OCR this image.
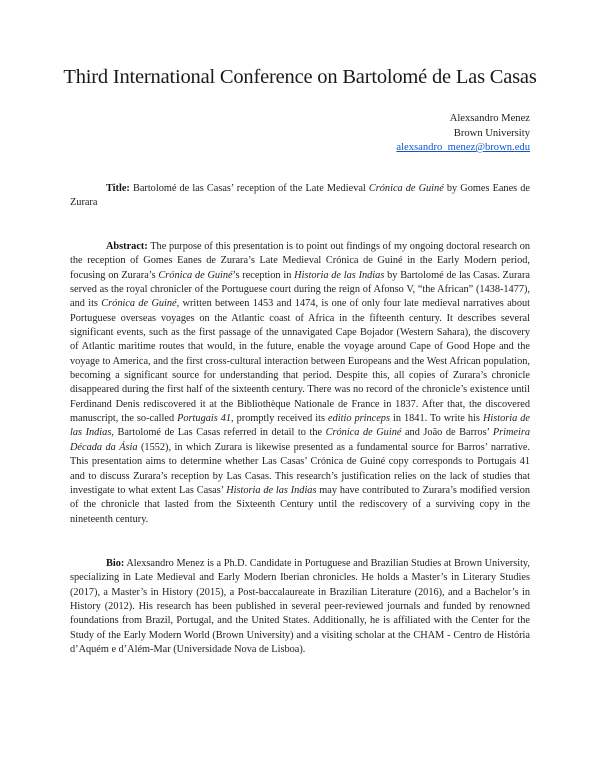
Third International Conference on Bartolomé de Las Casas
Alexsandro Menez
Brown University
alexsandro_menez@brown.edu

Title: Bartolomé de las Casas’ reception of the Late Medieval Crónica de Guiné by Gomes Eanes de Zurara

Abstract: The purpose of this presentation is to point out findings of my ongoing doctoral research on the reception of Gomes Eanes de Zurara’s Late Medieval Crónica de Guiné in the Early Modern period, focusing on Zurara’s Crónica de Guiné’s reception in Historia de las Indias by Bartolomé de las Casas. Zurara served as the royal chronicler of the Portuguese court during the reign of Afonso V, “the African” (1438-1477), and its Crónica de Guiné, written between 1453 and 1474, is one of only four late medieval narratives about Portuguese overseas voyages on the Atlantic coast of Africa in the fifteenth century. It describes several significant events, such as the first passage of the unnavigated Cape Bojador (Western Sahara), the discovery of Atlantic maritime routes that would, in the future, enable the voyage around Cape of Good Hope and the voyage to America, and the first cross-cultural interaction between Europeans and the West African population, becoming a significant source for understanding that period. Despite this, all copies of Zurara’s chronicle disappeared during the first half of the sixteenth century. There was no record of the chronicle’s existence until Ferdinand Denis rediscovered it at the Bibliothèque Nationale de France in 1837. After that, the discovered manuscript, the so-called Portugais 41, promptly received its editio princeps in 1841. To write his Historia de las Indias, Bartolomé de Las Casas referred in detail to the Crónica de Guiné and João de Barros’ Primeira Década da Ásia (1552), in which Zurara is likewise presented as a fundamental source for Barros’ narrative. This presentation aims to determine whether Las Casas’ Crónica de Guiné copy corresponds to Portugais 41 and to discuss Zurara’s reception by Las Casas. This research’s justification relies on the lack of studies that investigate to what extent Las Casas’ Historia de las Indias may have contributed to Zurara’s modified version of the chronicle that lasted from the Sixteenth Century until the rediscovery of a surviving copy in the nineteenth century.

Bio: Alexsandro Menez is a Ph.D. Candidate in Portuguese and Brazilian Studies at Brown University, specializing in Late Medieval and Early Modern Iberian chronicles. He holds a Master’s in Literary Studies (2017), a Master’s in History (2015), a Post-baccalaureate in Brazilian Literature (2016), and a Bachelor’s in History (2012). His research has been published in several peer-reviewed journals and funded by renowned foundations from Brazil, Portugal, and the United States. Additionally, he is affiliated with the Center for the Study of the Early Modern World (Brown University) and a visiting scholar at the CHAM - Centro de História d’Aquém e d’Além-Mar (Universidade Nova de Lisboa).
